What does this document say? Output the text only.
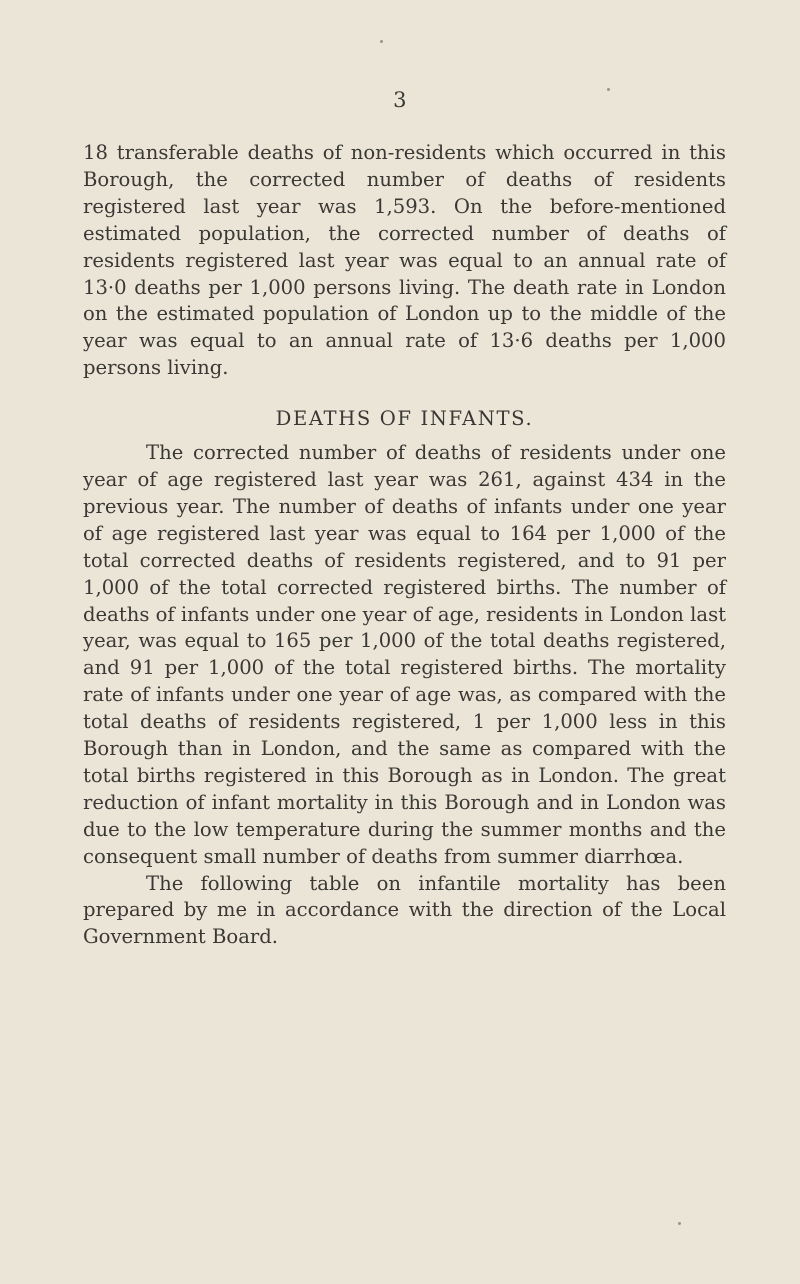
3

18 transferable deaths of non-residents which occurred in this Borough, the corrected number of deaths of residents registered last year was 1,593. On the before-mentioned estimated population, the corrected number of deaths of residents registered last year was equal to an annual rate of 13·0 deaths per 1,000 persons living. The death rate in London on the estimated population of London up to the middle of the year was equal to an annual rate of 13·6 deaths per 1,000 persons living.

DEATHS OF INFANTS.

The corrected number of deaths of residents under one year of age registered last year was 261, against 434 in the previous year. The number of deaths of infants under one year of age registered last year was equal to 164 per 1,000 of the total corrected deaths of residents registered, and to 91 per 1,000 of the total corrected registered births. The number of deaths of infants under one year of age, residents in London last year, was equal to 165 per 1,000 of the total deaths registered, and 91 per 1,000 of the total registered births. The mortality rate of infants under one year of age was, as compared with the total deaths of residents registered, 1 per 1,000 less in this Borough than in London, and the same as compared with the total births registered in this Borough as in London. The great reduction of infant mortality in this Borough and in London was due to the low temperature during the summer months and the consequent small number of deaths from summer diarrhœa.

The following table on infantile mortality has been prepared by me in accordance with the direction of the Local Government Board.
